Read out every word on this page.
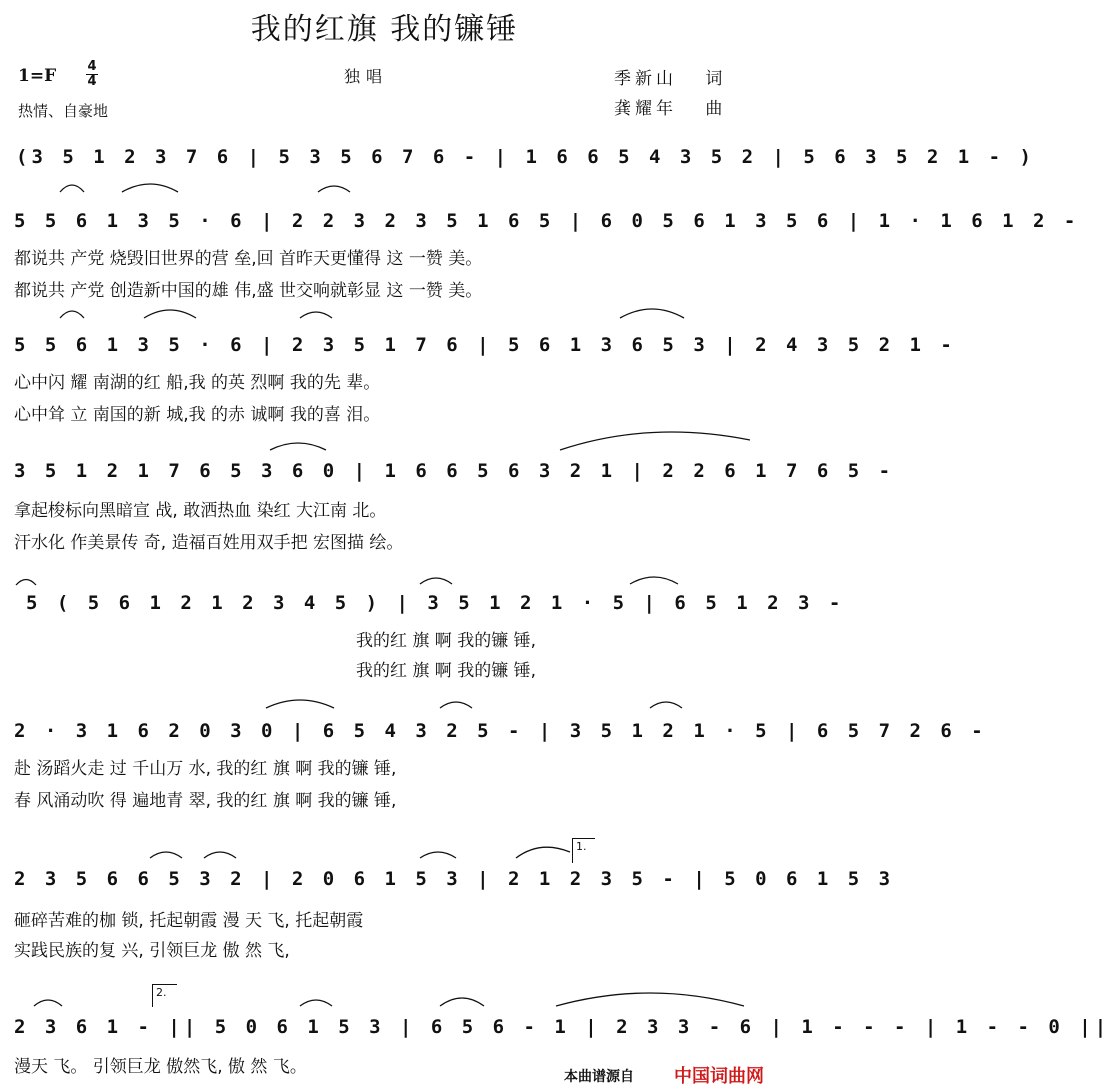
我的红旗 我的镰锤
1=F 4
4
热情、自豪地
独唱	季新山 词
龚耀年 曲
(3 5 1 2 3 7 6 | 5 3 5 6 7 6 - | 1 6 6 5 4 3 5 2 | 5 6 3 5 2 1 - )
5 5 6 1 3 5 · 6 | 2 2 3 2 3 5 1 6 5 | 6 0 5 6 1 3 5 6 | 1 · 1 6 1 2 -
都说共 产党 烧毁旧世界的营 垒,回 首昨天更懂得 这 一赞 美。
都说共 产党 创造新中国的雄 伟,盛 世交响就彰显 这 一赞 美。
5 5 6 1 3 5 · 6 | 2 3 5 1 7 6 | 5 6 1 3 6 5 3 | 2 4 3 5 2 1 -
心中闪 耀 南湖的红 船,我 的英 烈啊 我的先 辈。
心中耸 立 南国的新 城,我 的赤 诚啊 我的喜 泪。
3 5 1 2 1 7 6 5 3 6 0 | 1 6 6 5 6 3 2 1 | 2 2 6 1 7 6 5 -
拿起梭标向黑暗宣 战, 敢洒热血 染红 大江南 北。
汗水化 作美景传 奇, 造福百姓用双手把 宏图描 绘。
5 ( 5 6 1 2 1 2 3 4 5 ) | 3 5 1 2 1 · 5 | 6 5 1 2 3 -
我的红 旗 啊 我的镰 锤,
我的红 旗 啊 我的镰 锤,
2 · 3 1 6 2 0 3 0 | 6 5 4 3 2 5 - | 3 5 1 2 1 · 5 | 6 5 7 2 6 -
赴 汤蹈火走 过 千山万 水, 我的红 旗 啊 我的镰 锤,
春 风涌动吹 得 遍地青 翠, 我的红 旗 啊 我的镰 锤,
1.
2 3 5 6 6 5 3 2 | 2 0 6 1 5 3 | 2 1 2 3 5 - | 5 0 6 1 5 3
砸碎苦难的枷 锁, 托起朝霞 漫 天 飞, 托起朝霞
实践民族的复 兴, 引领巨龙 傲 然 飞,
2.
2 3 6 1 - || 5 0 6 1 5 3 | 6 5 6 - 1 | 2 3 3 - 6 | 1 - - - | 1 - - 0 ||
漫天 飞。 引领巨龙 傲然飞, 傲 然 飞。	本曲谱源自 中国词曲网
